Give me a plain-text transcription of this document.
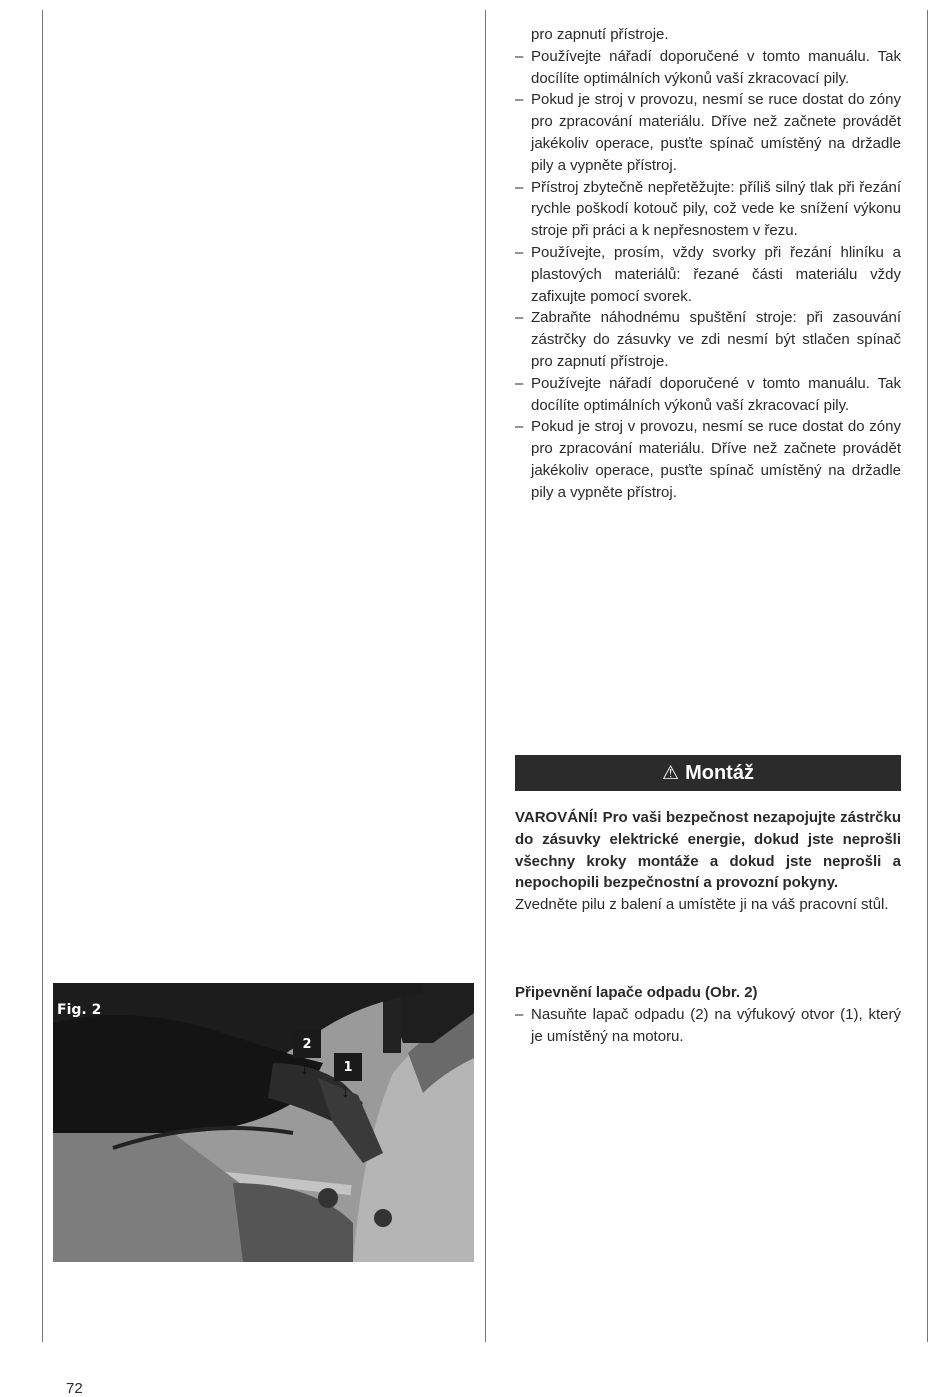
pro zapnutí přístroje.
– Používejte nářadí doporučené v tomto manuálu. Tak docílíte optimálních výkonů vaší zkracovací pily.
– Pokud je stroj v provozu, nesmí se ruce dostat do zóny pro zpracování materiálu. Dříve než začnete provádět jakékoliv operace, pusťte spínač umístěný na držadle pily a vypněte přístroj.
– Přístroj zbytečně nepřetěžujte: příliš silný tlak při řezání rychle poškodí kotouč pily, což vede ke snížení výkonu stroje při práci a k nepřesnostem v řezu.
– Používejte, prosím, vždy svorky při řezání hliníku a plastových materiálů: řezané části materiálu vždy zafixujte pomocí svorek.
– Zabraňte náhodnému spuštění stroje: při zasouvání zástrčky do zásuvky ve zdi nesmí být stlačen spínač pro zapnutí přístroje.
– Používejte nářadí doporučené v tomto manuálu. Tak docílíte optimálních výkonů vaší zkracovací pily.
– Pokud je stroj v provozu, nesmí se ruce dostat do zóny pro zpracování materiálu. Dříve než začnete provádět jakékoliv operace, pusťte spínač umístěný na držadle pily a vypněte přístroj.
⚠ Montáž
VAROVÁNÍ! Pro vaši bezpečnost nezapojujte zástrčku do zásuvky elektrické energie, dokud jste neprošli všechny kroky montáže a dokud jste neprošli a nepochopili bezpečnostní a provozní pokyny.
Zvedněte pilu z balení a umístěte ji na váš pracovní stůl.
Připevnění lapače odpadu (Obr. 2)
– Nasuňte lapač odpadu (2) na výfukový otvor (1), který je umístěný na motoru.
Fig. 2
2
↓	1
↓
72
